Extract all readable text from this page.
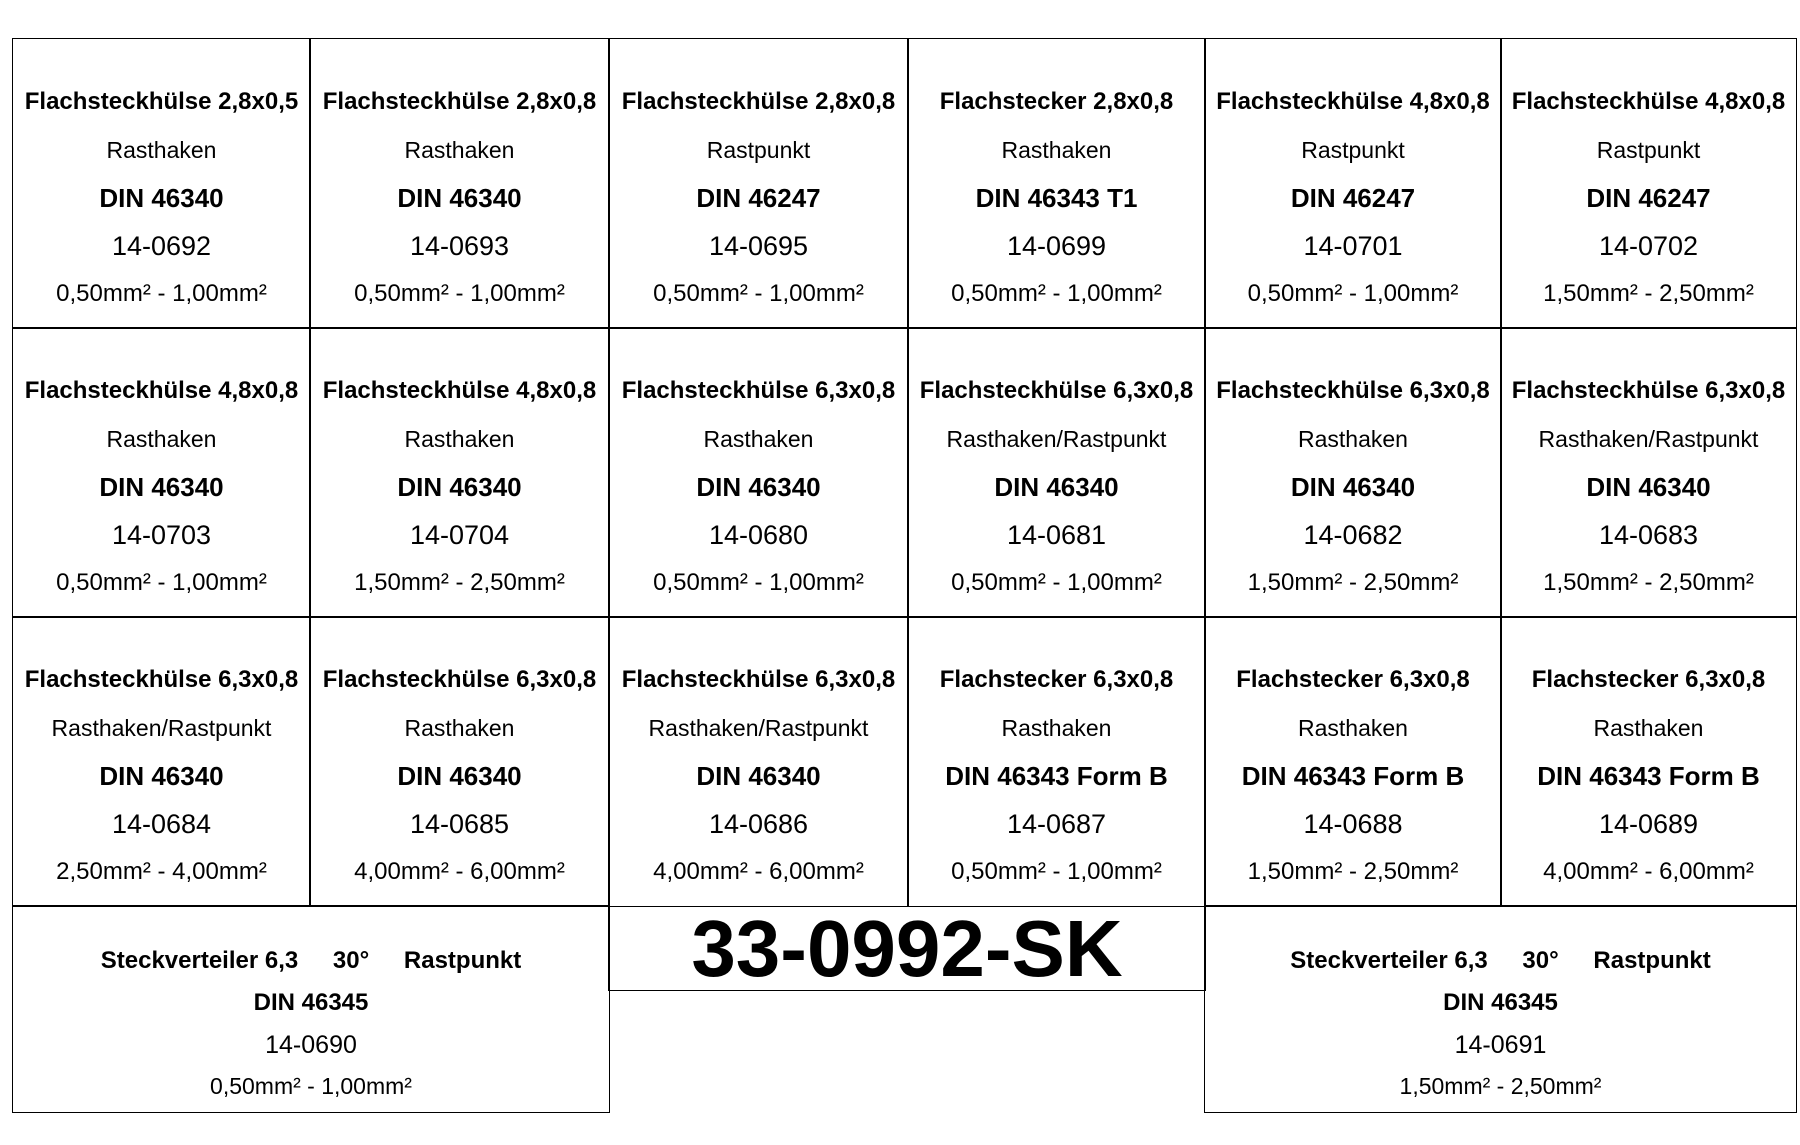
Flachsteckhülse 2,8x0,5
Rasthaken
DIN 46340
14-0692
0,50mm² - 1,00mm²
Flachsteckhülse 2,8x0,8
Rasthaken
DIN 46340
14-0693
0,50mm² - 1,00mm²
Flachsteckhülse 2,8x0,8
Rastpunkt
DIN 46247
14-0695
0,50mm² - 1,00mm²
Flachstecker 2,8x0,8
Rasthaken
DIN 46343 T1
14-0699
0,50mm² - 1,00mm²
Flachsteckhülse 4,8x0,8
Rastpunkt
DIN 46247
14-0701
0,50mm² - 1,00mm²
Flachsteckhülse 4,8x0,8
Rastpunkt
DIN 46247
14-0702
1,50mm² - 2,50mm²
Flachsteckhülse 4,8x0,8
Rasthaken
DIN 46340
14-0703
0,50mm² - 1,00mm²
Flachsteckhülse 4,8x0,8
Rasthaken
DIN 46340
14-0704
1,50mm² - 2,50mm²
Flachsteckhülse 6,3x0,8
Rasthaken
DIN 46340
14-0680
0,50mm² - 1,00mm²
Flachsteckhülse 6,3x0,8
Rasthaken/Rastpunkt
DIN 46340
14-0681
0,50mm² - 1,00mm²
Flachsteckhülse 6,3x0,8
Rasthaken
DIN 46340
14-0682
1,50mm² - 2,50mm²
Flachsteckhülse 6,3x0,8
Rasthaken/Rastpunkt
DIN 46340
14-0683
1,50mm² - 2,50mm²
Flachsteckhülse 6,3x0,8
Rasthaken/Rastpunkt
DIN 46340
14-0684
2,50mm² - 4,00mm²
Flachsteckhülse 6,3x0,8
Rasthaken
DIN 46340
14-0685
4,00mm² - 6,00mm²
Flachsteckhülse 6,3x0,8
Rasthaken/Rastpunkt
DIN 46340
14-0686
4,00mm² - 6,00mm²
Flachstecker 6,3x0,8
Rasthaken
DIN 46343 Form B
14-0687
0,50mm² - 1,00mm²
Flachstecker 6,3x0,8
Rasthaken
DIN 46343 Form B
14-0688
1,50mm² - 2,50mm²
Flachstecker 6,3x0,8
Rasthaken
DIN 46343 Form B
14-0689
4,00mm² - 6,00mm²
Steckverteiler 6,3 30° Rastpunkt
DIN 46345
14-0690
0,50mm² - 1,00mm²
33-0992-SK	Steckverteiler 6,3 30° Rastpunkt
DIN 46345
14-0691
1,50mm² - 2,50mm²
